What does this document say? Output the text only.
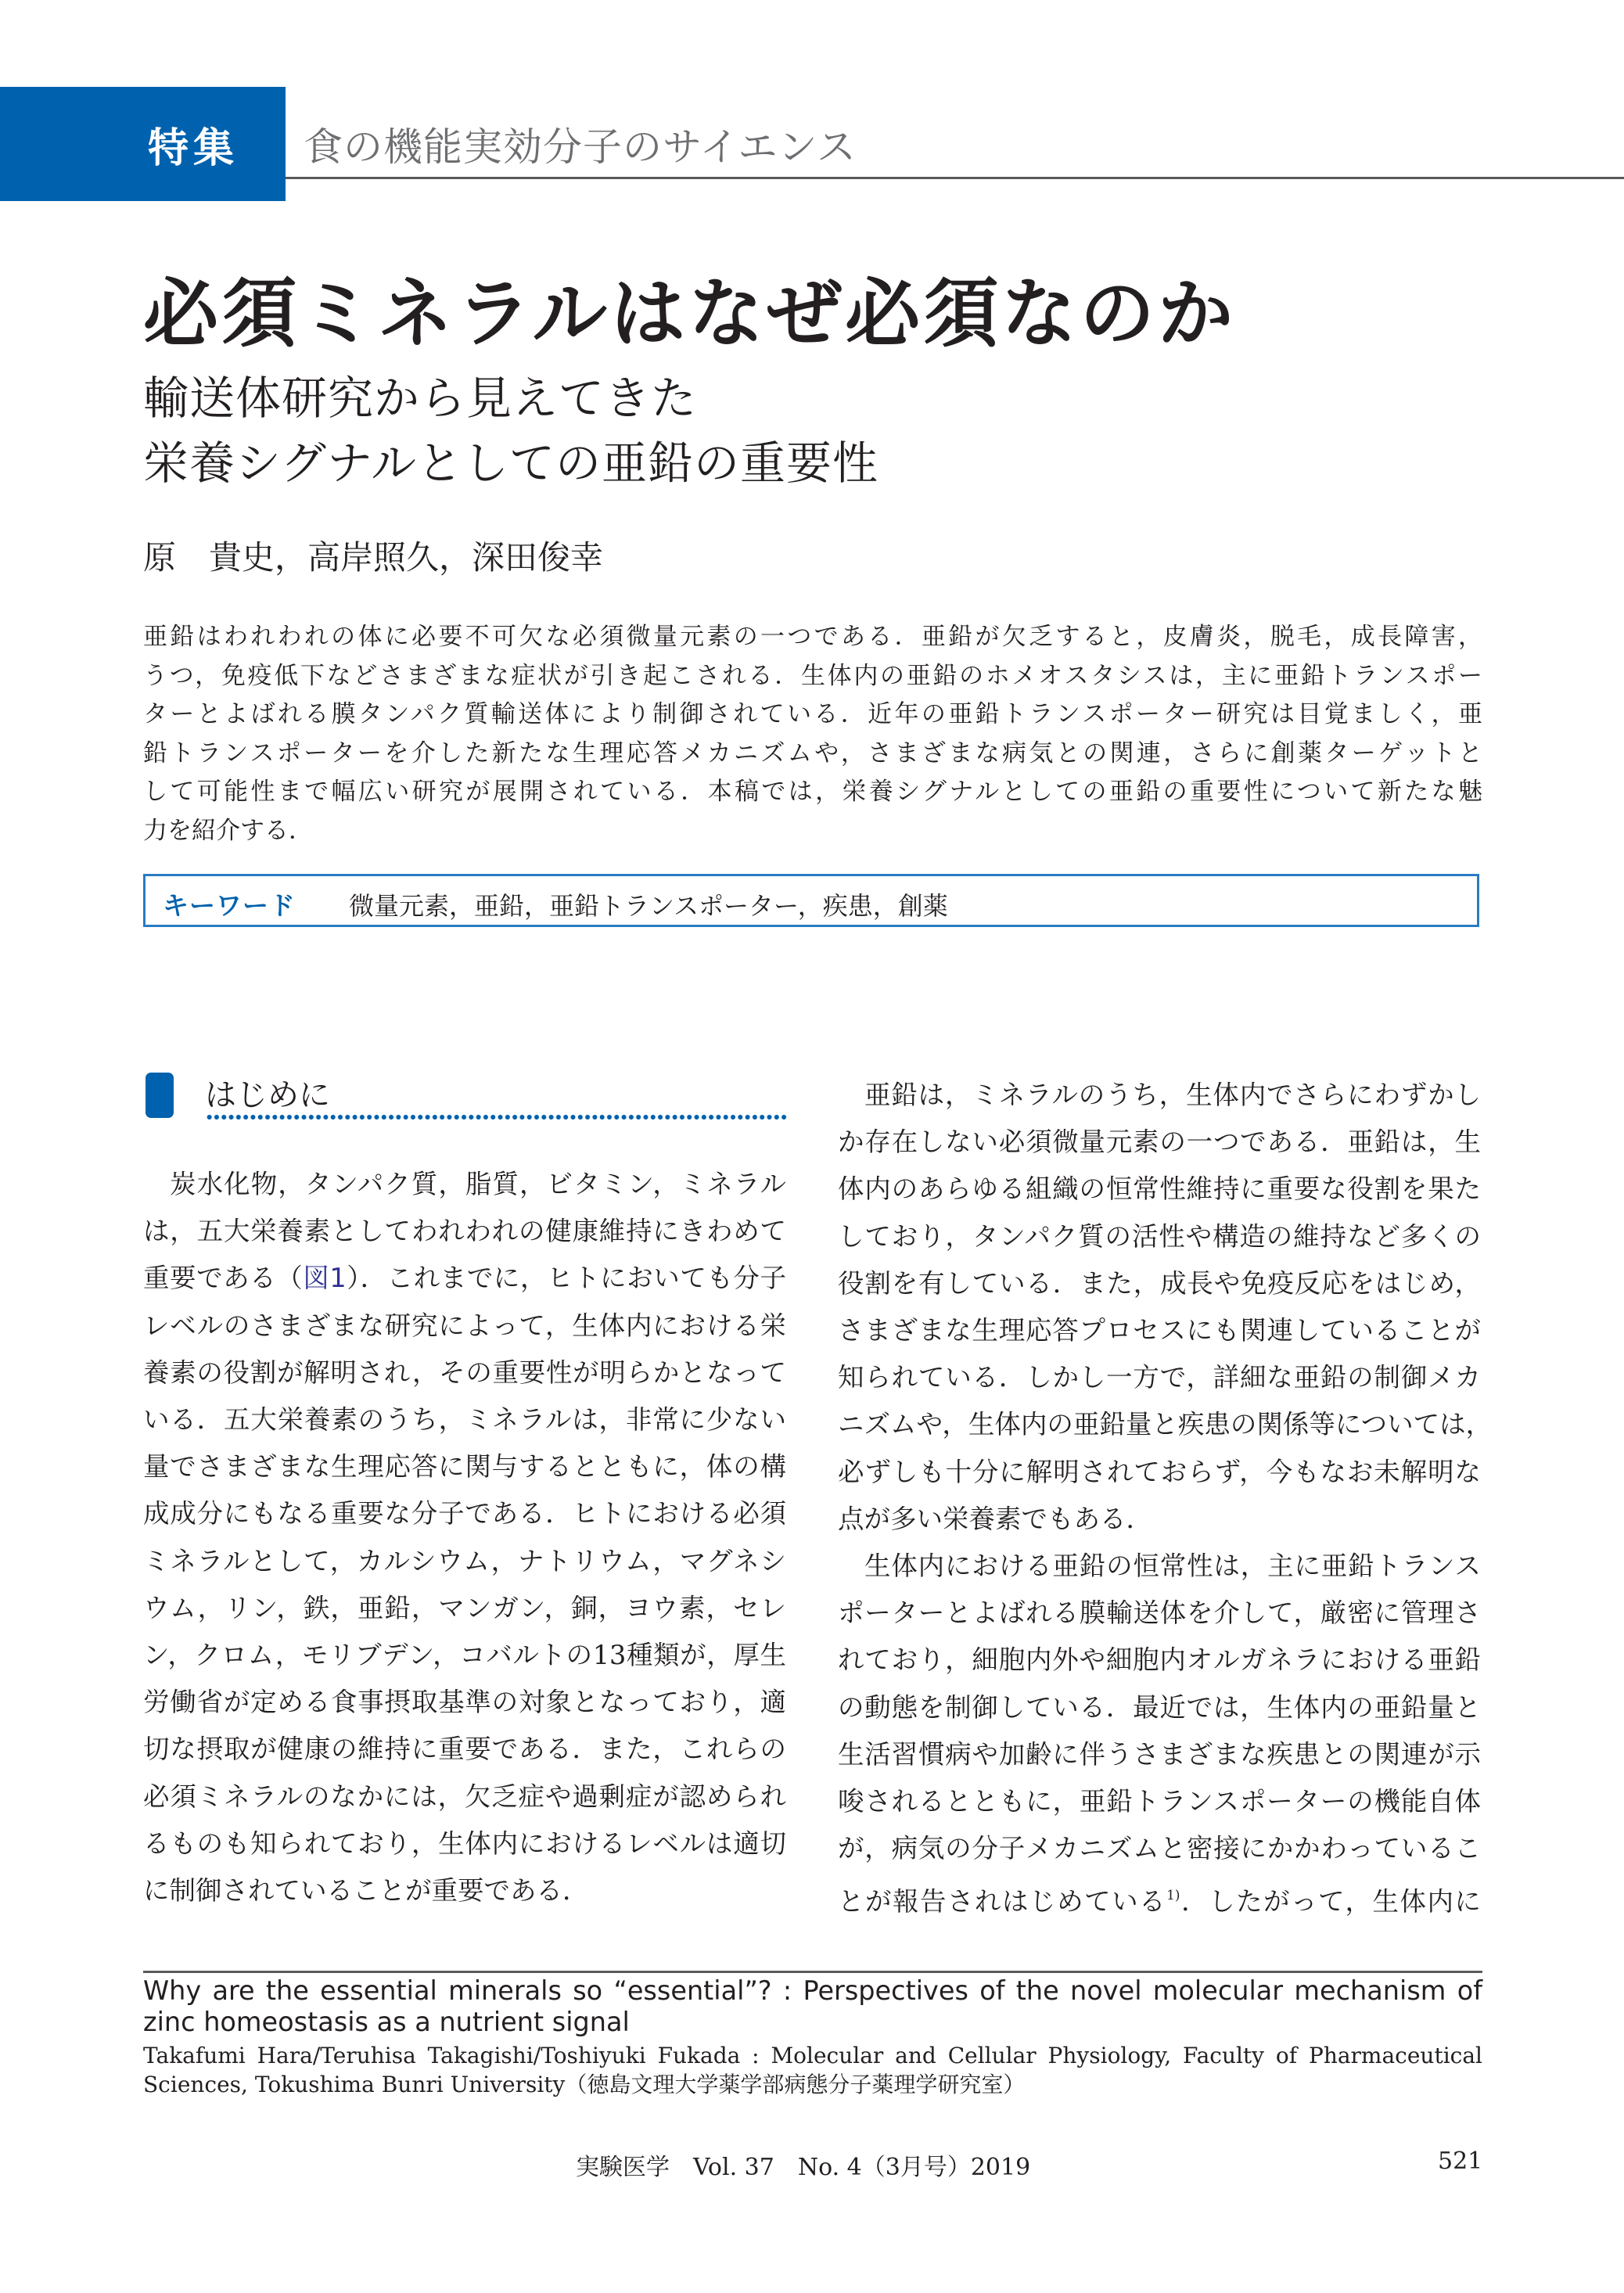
特集 食の機能実効分子のサイエンス
必須ミネラルはなぜ必須なのか
輸送体研究から見えてきた
栄養シグナルとしての亜鉛の重要性
原　貴史，高岸照久，深田俊幸
亜鉛はわれわれの体に必要不可欠な必須微量元素の一つである．亜鉛が欠乏すると，皮膚炎，脱毛，成長障害，
うつ，免疫低下などさまざまな症状が引き起こされる．生体内の亜鉛のホメオスタシスは，主に亜鉛トランスポー
ターとよばれる膜タンパク質輸送体により制御されている．近年の亜鉛トランスポーター研究は目覚ましく，亜
鉛トランスポーターを介した新たな生理応答メカニズムや，さまざまな病気との関連，さらに創薬ターゲットと
して可能性まで幅広い研究が展開されている．本稿では，栄養シグナルとしての亜鉛の重要性について新たな魅
力を紹介する．
キーワード 微量元素，亜鉛，亜鉛トランスポーター，疾患，創薬
はじめに
炭水化物，タンパク質，脂質，ビタミン，ミネラル
は，五大栄養素としてわれわれの健康維持にきわめて
重要である（図1）．これまでに，ヒトにおいても分子
レベルのさまざまな研究によって，生体内における栄
養素の役割が解明され，その重要性が明らかとなって
いる．五大栄養素のうち，ミネラルは，非常に少ない
量でさまざまな生理応答に関与するとともに，体の構
成成分にもなる重要な分子である．ヒトにおける必須
ミネラルとして，カルシウム，ナトリウム，マグネシ
ウム，リン，鉄，亜鉛，マンガン，銅，ヨウ素，セレ
ン，クロム，モリブデン，コバルトの13種類が，厚生
労働省が定める食事摂取基準の対象となっており，適
切な摂取が健康の維持に重要である．また，これらの
必須ミネラルのなかには，欠乏症や過剰症が認められ
るものも知られており，生体内におけるレベルは適切
に制御されていることが重要である．
亜鉛は，ミネラルのうち，生体内でさらにわずかし
か存在しない必須微量元素の一つである．亜鉛は，生
体内のあらゆる組織の恒常性維持に重要な役割を果た
しており，タンパク質の活性や構造の維持など多くの
役割を有している．また，成長や免疫反応をはじめ，
さまざまな生理応答プロセスにも関連していることが
知られている．しかし一方で，詳細な亜鉛の制御メカ
ニズムや，生体内の亜鉛量と疾患の関係等については，
必ずしも十分に解明されておらず，今もなお未解明な
点が多い栄養素でもある．
生体内における亜鉛の恒常性は，主に亜鉛トランス
ポーターとよばれる膜輸送体を介して，厳密に管理さ
れており，細胞内外や細胞内オルガネラにおける亜鉛
の動態を制御している．最近では，生体内の亜鉛量と
生活習慣病や加齢に伴うさまざまな疾患との関連が示
唆されるとともに，亜鉛トランスポーターの機能自体
が，病気の分子メカニズムと密接にかかわっているこ
とが報告されはじめている$^{1)}$．したがって，生体内に
Why are the essential minerals so “essential”? : Perspectives of the novel molecular mechanism of
zinc homeostasis as a nutrient signal
Takafumi Hara/Teruhisa Takagishi/Toshiyuki Fukada : Molecular and Cellular Physiology, Faculty of Pharmaceutical
Sciences, Tokushima Bunri University（徳島文理大学薬学部病態分子薬理学研究室）
実験医学　Vol. 37　No. 4（3月号）2019	521
